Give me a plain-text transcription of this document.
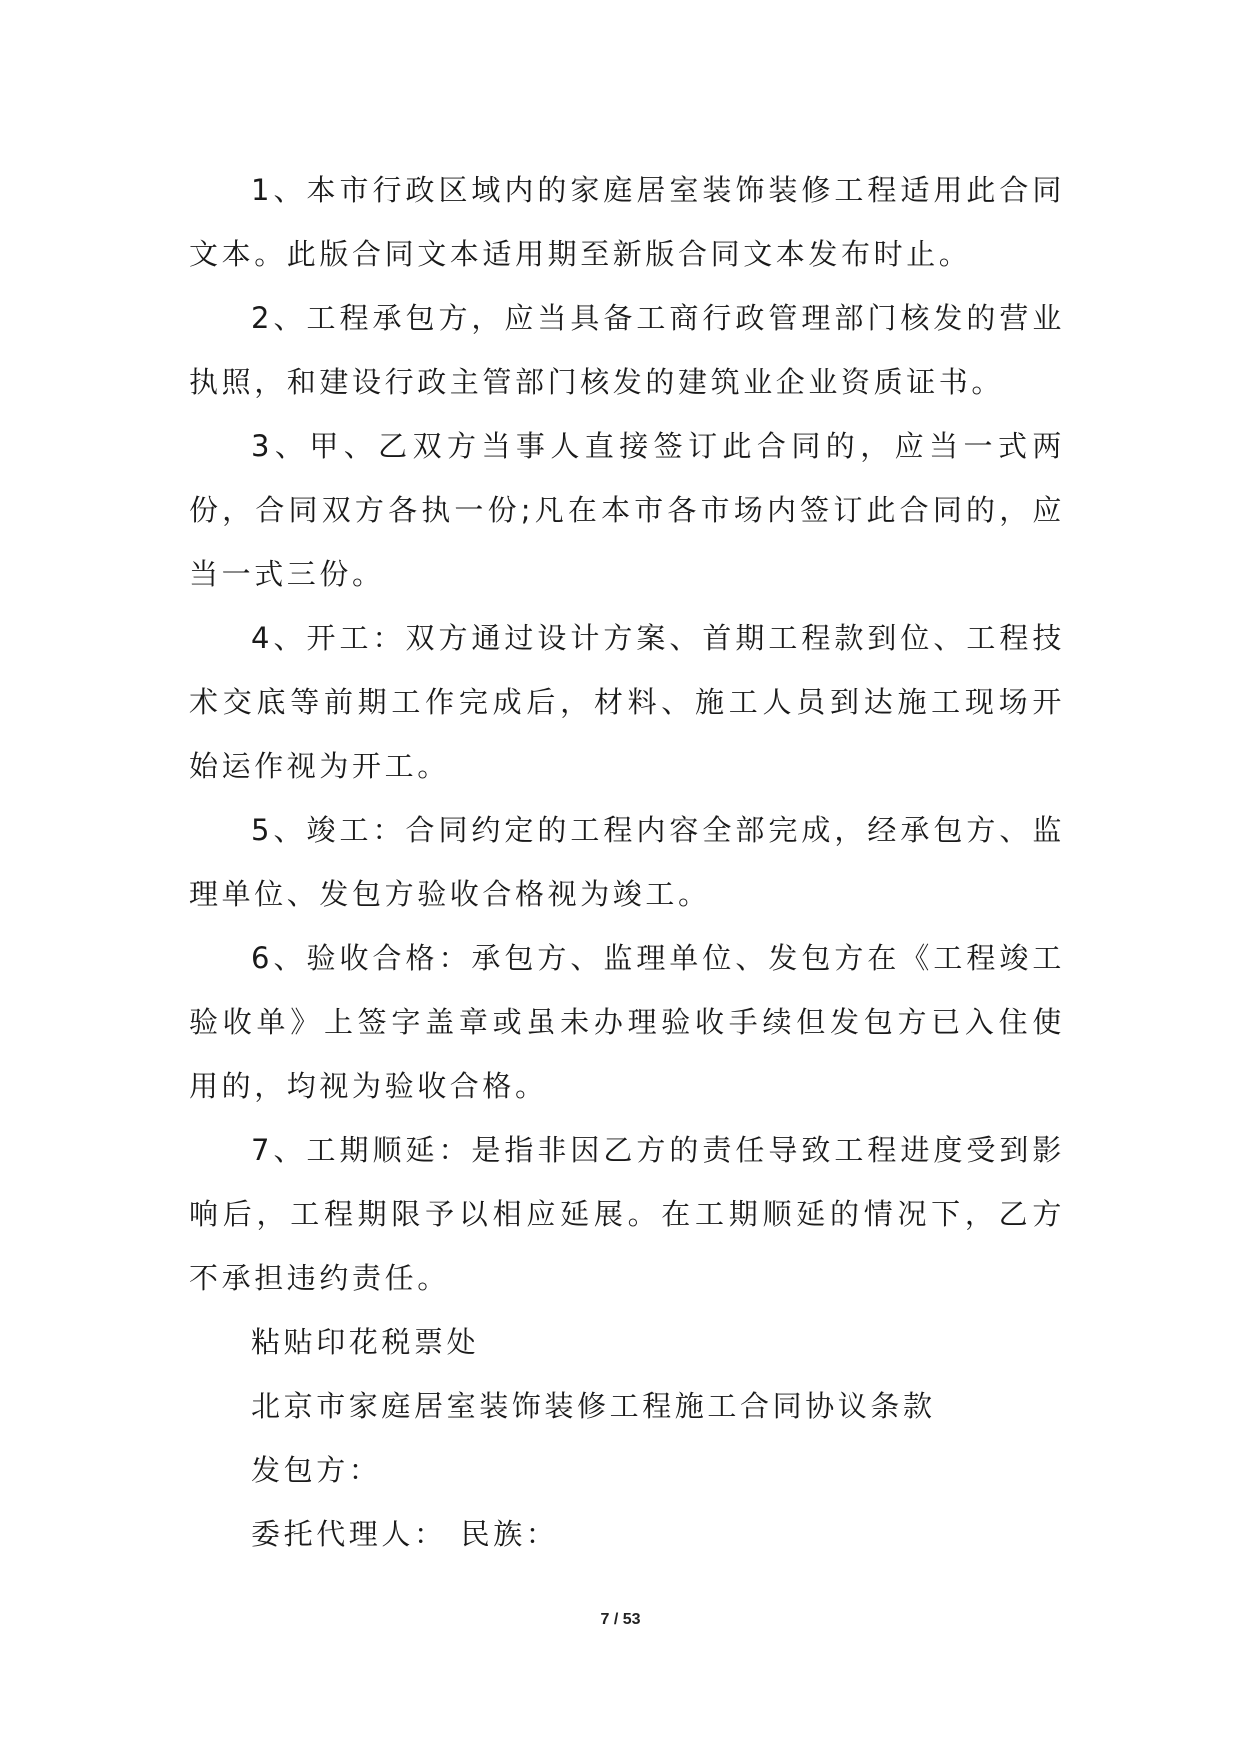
1、本市行政区域内的家庭居室装饰装修工程适用此合同文本。此版合同文本适用期至新版合同文本发布时止。

2、工程承包方，应当具备工商行政管理部门核发的营业执照，和建设行政主管部门核发的建筑业企业资质证书。

3、甲、乙双方当事人直接签订此合同的，应当一式两份，合同双方各执一份;凡在本市各市场内签订此合同的，应当一式三份。

4、开工：双方通过设计方案、首期工程款到位、工程技术交底等前期工作完成后，材料、施工人员到达施工现场开始运作视为开工。

5、竣工：合同约定的工程内容全部完成，经承包方、监理单位、发包方验收合格视为竣工。

6、验收合格：承包方、监理单位、发包方在《工程竣工验收单》上签字盖章或虽未办理验收手续但发包方已入住使用的，均视为验收合格。

7、工期顺延：是指非因乙方的责任导致工程进度受到影响后，工程期限予以相应延展。在工期顺延的情况下，乙方不承担违约责任。

粘贴印花税票处

北京市家庭居室装饰装修工程施工合同协议条款

发包方：

委托代理人： 民族：

7 / 53
